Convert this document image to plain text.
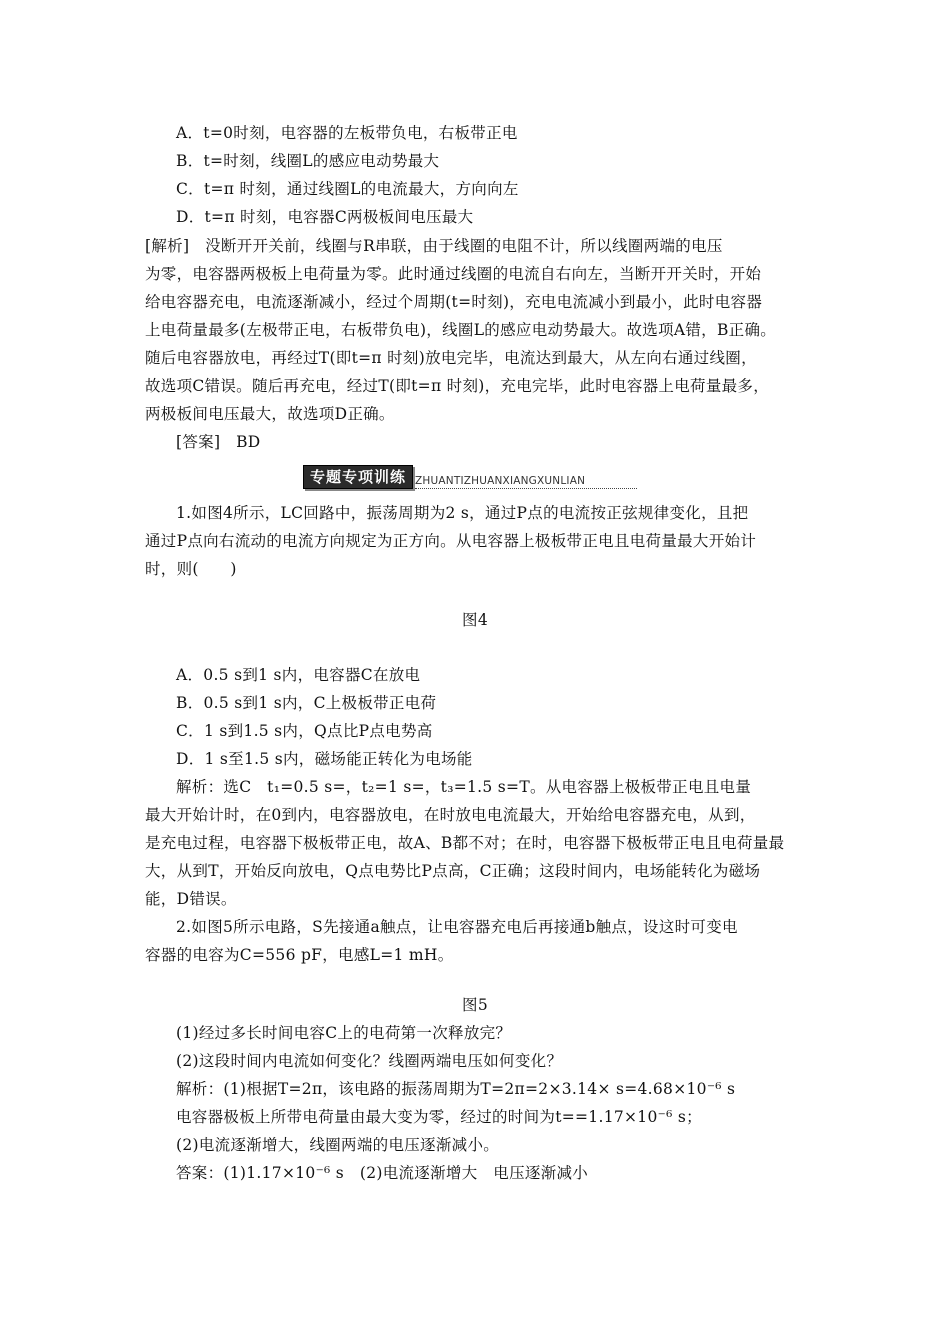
A．t=0时刻，电容器的左板带负电，右板带正电
B．t=时刻，线圈L的感应电动势最大
C．t=π 时刻，通过线圈L的电流最大，方向向左
D．t=π 时刻，电容器C两极板间电压最大
[解析]　没断开开关前，线圈与R串联，由于线圈的电阻不计，所以线圈两端的电压
为零，电容器两极板上电荷量为零。此时通过线圈的电流自右向左，当断开开关时，开始
给电容器充电，电流逐渐减小，经过个周期(t=时刻)，充电电流减小到最小，此时电容器
上电荷量最多(左极带正电，右板带负电)，线圈L的感应电动势最大。故选项A错，B正确。
随后电容器放电，再经过T(即t=π 时刻)放电完毕，电流达到最大，从左向右通过线圈，
故选项C错误。随后再充电，经过T(即t=π 时刻)，充电完毕，此时电容器上电荷量最多，
两极板间电压最大，故选项D正确。
[答案]　BD
专题专项训练 ZHUANTIZHUANXIANGXUNLIAN
1.如图4所示，LC回路中，振荡周期为2 s，通过P点的电流按正弦规律变化，且把
通过P点向右流动的电流方向规定为正方向。从电容器上极板带正电且电荷量最大开始计
时，则(　　)
图4
A．0.5 s到1 s内，电容器C在放电
B．0.5 s到1 s内，C上极板带正电荷
C．1 s到1.5 s内，Q点比P点电势高
D．1 s至1.5 s内，磁场能正转化为电场能
解析：选C　t₁=0.5 s=，t₂=1 s=，t₃=1.5 s=T。从电容器上极板带正电且电量
最大开始计时，在0到内，电容器放电，在时放电电流最大，开始给电容器充电，从到，
是充电过程，电容器下极板带正电，故A、B都不对；在时，电容器下极板带正电且电荷量最
大，从到T，开始反向放电，Q点电势比P点高，C正确；这段时间内，电场能转化为磁场
能，D错误。
2.如图5所示电路，S先接通a触点，让电容器充电后再接通b触点，设这时可变电
容器的电容为C=556 pF，电感L=1 mH。
图5
(1)经过多长时间电容C上的电荷第一次释放完？
(2)这段时间内电流如何变化？线圈两端电压如何变化？
解析：(1)根据T=2π，该电路的振荡周期为T=2π=2×3.14× s=4.68×10⁻⁶ s
电容器极板上所带电荷量由最大变为零，经过的时间为t==1.17×10⁻⁶ s；
(2)电流逐渐增大，线圈两端的电压逐渐减小。
答案：(1)1.17×10⁻⁶ s　(2)电流逐渐增大　电压逐渐减小
